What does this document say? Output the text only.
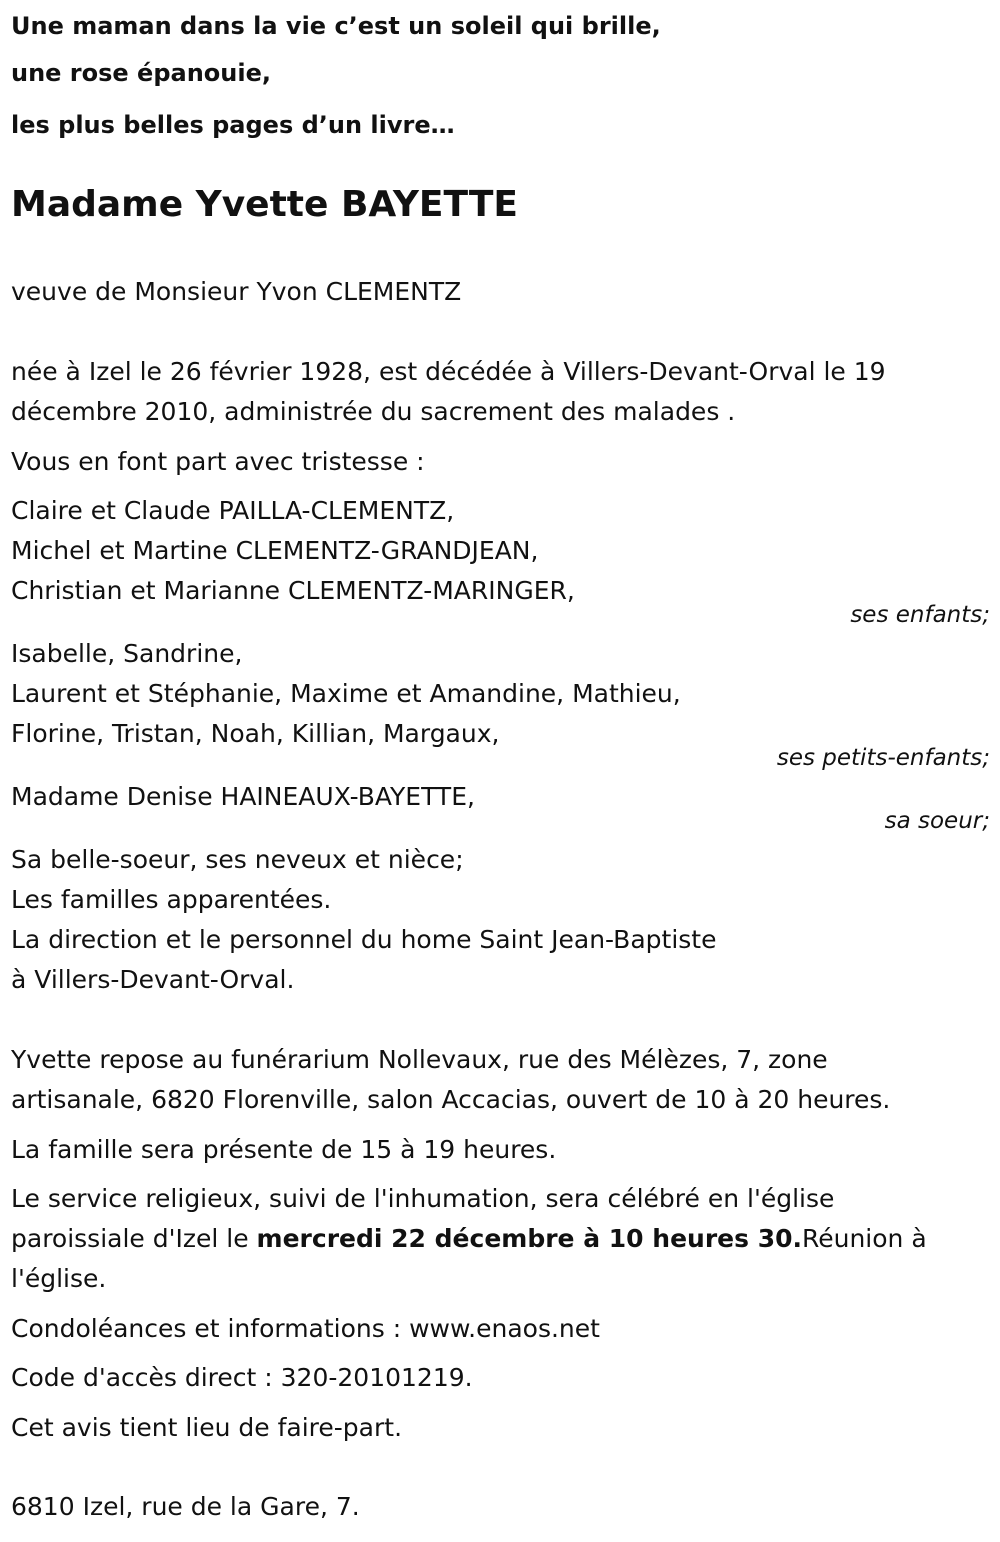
Une maman dans la vie c’est un soleil qui brille,

une rose épanouie,

les plus belles pages d’un livre…

Madame Yvette BAYETTE

veuve de Monsieur Yvon CLEMENTZ

née à Izel le 26 février 1928, est décédée à Villers-Devant-Orval le 19

décembre 2010, administrée du sacrement des malades .

Vous en font part avec tristesse :

Claire et Claude PAILLA-CLEMENTZ,

Michel et Martine CLEMENTZ-GRANDJEAN,

Christian et Marianne CLEMENTZ-MARINGER,

ses enfants;

Isabelle, Sandrine,

Laurent et Stéphanie, Maxime et Amandine, Mathieu,

Florine, Tristan, Noah, Killian, Margaux,

ses petits-enfants;

Madame Denise HAINEAUX-BAYETTE,

sa soeur;

Sa belle-soeur, ses neveux et nièce;

Les familles apparentées.

La direction et le personnel du home Saint Jean-Baptiste

à Villers-Devant-Orval.

Yvette repose au funérarium Nollevaux, rue des Mélèzes, 7, zone

artisanale, 6820 Florenville, salon Accacias, ouvert de 10 à 20 heures.

La famille sera présente de 15 à 19 heures.

Le service religieux, suivi de l'inhumation, sera célébré en l'église

paroissiale d'Izel le mercredi 22 décembre à 10 heures 30.Réunion à

l'église.

Condoléances et informations : www.enaos.net

Code d'accès direct : 320-20101219.

Cet avis tient lieu de faire-part.

6810 Izel, rue de la Gare, 7.
